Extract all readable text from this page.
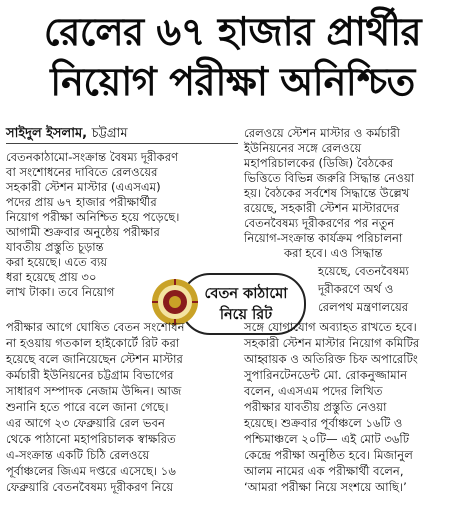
রেলের ৬৭ হাজার প্রার্থীর
নিয়োগ পরীক্ষা অনিশ্চিত
সাইদুল ইসলাম, চট্টগ্রাম
বেতনকাঠামো-সংক্রান্ত বৈষম্য দূরীকরণ
বা সংশোধনের দাবিতে রেলওয়ের
সহকারী স্টেশন মাস্টার (এএসএম)
পদের প্রায় ৬৭ হাজার পরীক্ষার্থীর
নিয়োগ পরীক্ষা অনিশ্চিত হয়ে পড়েছে।
আগামী শুক্রবার অনুষ্ঠেয় পরীক্ষার
যাবতীয় প্রস্তুতি চূড়ান্ত
করা হয়েছে। এতে ব্যয়
ধরা হয়েছে প্রায় ৩০
লাখ টাকা। তবে নিয়োগ
রেলওয়ে স্টেশন মাস্টার ও কর্মচারী
ইউনিয়নের সঙ্গে রেলওয়ে
মহাপরিচালকের (ডিজি) বৈঠকের
ভিত্তিতে বিভিন্ন জরুরি সিদ্ধান্ত নেওয়া
হয়। বৈঠকের সর্বশেষ সিদ্ধান্তে উল্লেখ
রয়েছে, সহকারী স্টেশন মাস্টারদের
বেতনবৈষম্য দূরীকরণের পর নতুন
নিয়োগ-সংক্রান্ত কার্যক্রম পরিচালনা
করা হবে। এও সিদ্ধান্ত
হয়েছে, বেতনবৈষম্য
দূরীকরণে অর্থ ও
রেলপথ মন্ত্রণালয়ের
বেতন কাঠামো
নিয়ে রিট
পরীক্ষার আগে ঘোষিত বেতন সংশোধন	সঙ্গে যোগাযোগ অব্যাহত রাখতে হবে।
না হওয়ায় গতকাল হাইকোর্টে রিট করা	সহকারী স্টেশন মাস্টার নিয়োগ কমিটির
হয়েছে বলে জানিয়েছেন স্টেশন মাস্টার	আহ্বায়ক ও অতিরিক্ত চিফ অপারেটিং
কর্মচারী ইউনিয়নের চট্টগ্রাম বিভাগের	সুপারিনটেনডেন্ট মো. রোকনুজ্জামান
সাধারণ সম্পাদক নেজাম উদ্দিন। আজ	বলেন, এএসএম পদের লিখিত
শুনানি হতে পারে বলে জানা গেছে।	পরীক্ষার যাবতীয় প্রস্তুতি নেওয়া
এর আগে ২৩ ফেব্রুয়ারি রেল ভবন	হয়েছে। শুক্রবার পূর্বাঞ্চলে ১৬টি ও
থেকে পাঠানো মহাপরিচালক স্বাক্ষরিত	পশ্চিমাঞ্চলে ২০টি— এই মোট ৩৬টি
এ-সংক্রান্ত একটি চিঠি রেলওয়ে	কেন্দ্রে পরীক্ষা অনুষ্ঠিত হবে। মিজানুল
পূর্বাঞ্চলের জিএম দপ্তরে এসেছে। ১৬	আলম নামের এক পরীক্ষার্থী বলেন,
ফেব্রুয়ারি বেতনবৈষম্য দূরীকরণ নিয়ে	‘আমরা পরীক্ষা নিয়ে সংশয়ে আছি।’
